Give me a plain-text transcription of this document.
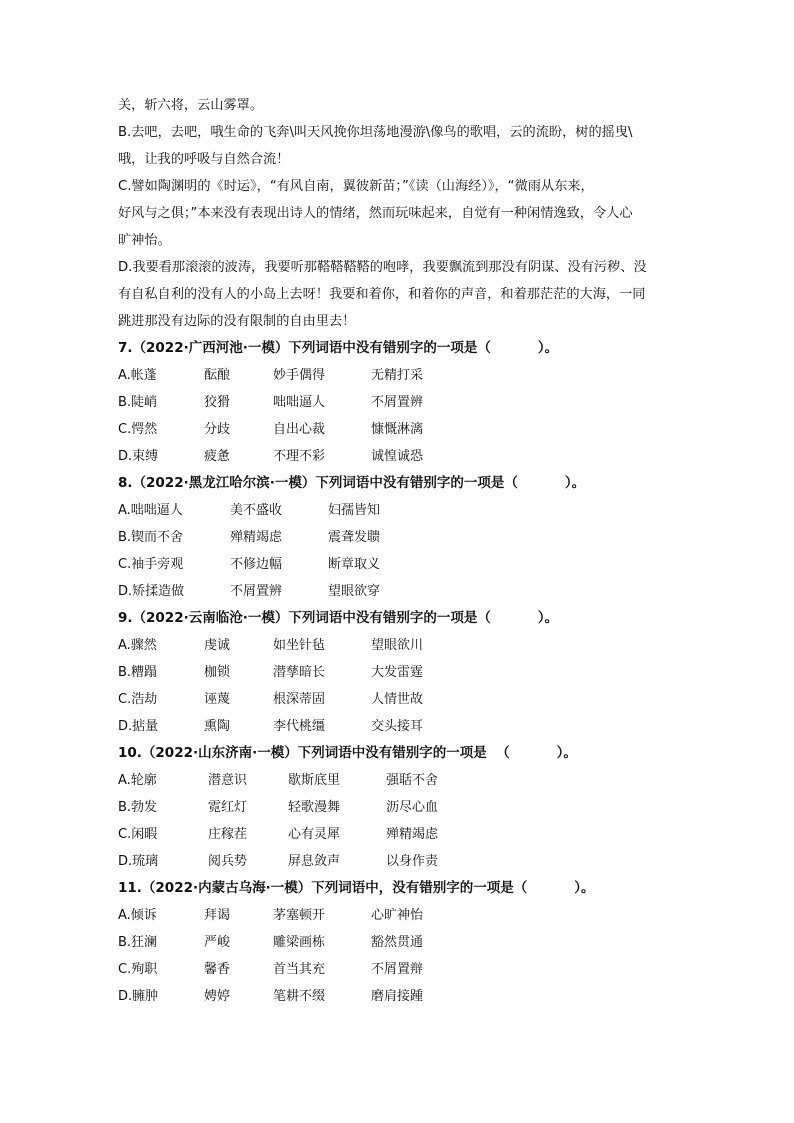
关，斩六将，云山雾罩。

B.去吧，去吧，哦生命的飞奔\叫天风挽你坦荡地漫游\像鸟的歌唱，云的流盼，树的摇曳\

哦，让我的呼吸与自然合流！

C.譬如陶渊明的《时运》，“有风自南，翼彼新苗；”《读（山海经）》，“微雨从东来，

好风与之俱；”本来没有表现出诗人的情绪，然而玩味起来，自觉有一种闲情逸致，令人心

旷神怡。

D.我要看那滚滚的波涛，我要听那鞳鞳鞳鞳的咆哮，我要飘流到那没有阴谋、没有污秽、没

有自私自利的没有人的小岛上去呀！我要和着你，和着你的声音，和着那茫茫的大海，一同

跳进那没有边际的没有限制的自由里去！

7.（2022·广西河池·一模）下列词语中没有错别字的一项是（          ）。

A.帐蓬	酝酿	妙手偶得	无精打采
B.陡峭	狡猾	咄咄逼人	不屑置辨
C.愕然	分歧	自出心裁	慷慨淋漓
D.束缚	疲惫	不理不彩	诚惶诚恐

8.（2022·黑龙江哈尔滨·一模）下列词语中没有错别字的一项是（          ）。

A.咄咄逼人	美不盛收	妇孺皆知
B.锲而不舍	殚精竭虑	震聋发聩
C.袖手旁观	不修边幅	断章取义
D.矫揉造做	不屑置辨	望眼欲穿

9.（2022·云南临沧·一模）下列词语中没有错别字的一项是（          ）。

A.骤然	虔诚	如坐针毡	望眼欲川
B.糟蹋	枷锁	潜孳暗长	大发雷霆
C.浩劫	诬蔑	根深蒂固	人情世故
D.掂量	熏陶	李代桃缰	交头接耳

10.（2022·山东济南·一模）下列词语中没有错别字的一项是  （          ）。

A.轮廓	潜意识	歇斯底里	强聒不舍
B.勃发	霓红灯	轻歌漫舞	沥尽心血
C.闲暇	庄稼茬	心有灵犀	殚精竭虑
D.琉璃	阅兵势	屏息敛声	以身作责

11.（2022·内蒙古乌海·一模）下列词语中，没有错别字的一项是（          ）。

A.倾诉	拜谒	茅塞顿开	心旷神怡
B.狂澜	严峻	雕梁画栋	豁然贯通
C.殉职	馨香	首当其充	不屑置辩
D.臃肿	娉婷	笔耕不缀	磨肩接踵
